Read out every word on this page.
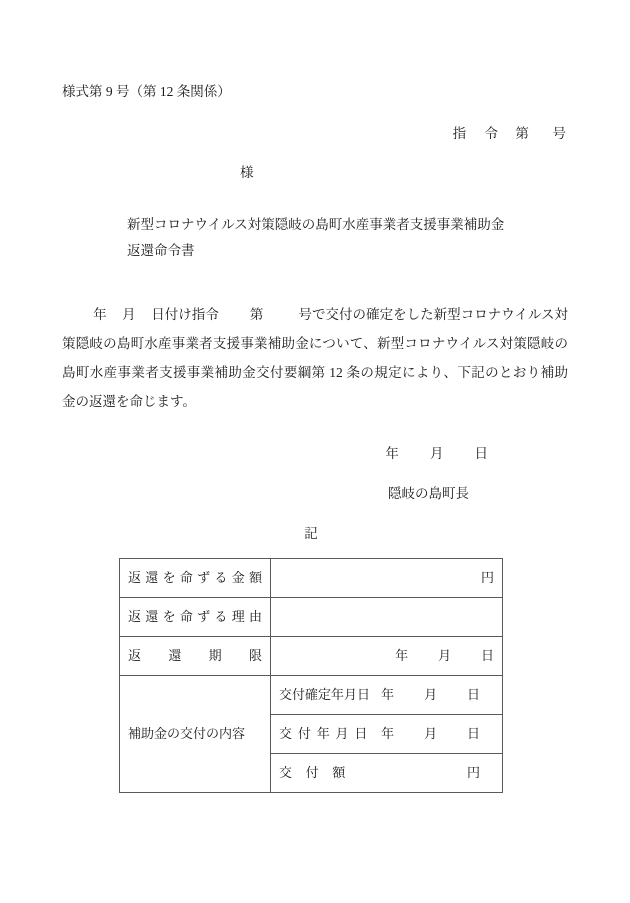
様式第 9 号（第 12 条関係）

指 令 第 号

様
新型コロナウイルス対策隠岐の島町水産事業者支援事業補助金
返還命令書
年 月 日付け指令 第	号で交付の確定をした新型コロナウイルス対策隠岐の島町水産事業者支援事業補助金について、新型コロナウイルス対策隠岐の島町水産事業者支援事業補助金交付要綱第 12 条の規定により、下記のとおり補助金の返還を命じます。

年 月 日

隠岐の島町長
記
返 還 を 命 ず る 金 額	円

返 還 を 命 ず る 理 由

返 還 期 限	年 月 日
補助金の交付の内容	交付確定年月日 年 月 日

	交付年月日 年 月 日

	交付額 円
